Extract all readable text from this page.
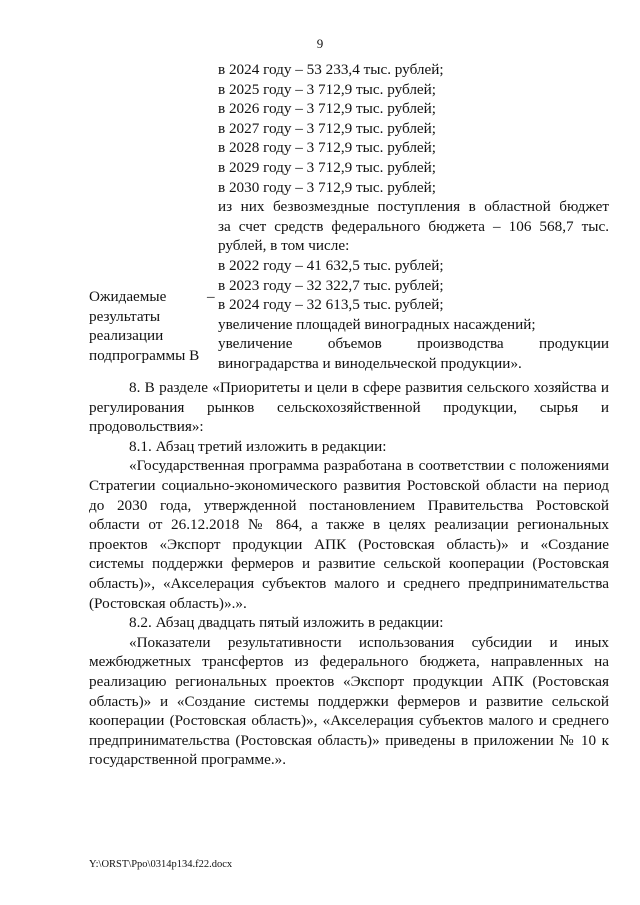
9
в 2024 году – 53 233,4 тыс. рублей;
в 2025 году – 3 712,9 тыс. рублей;
в 2026 году – 3 712,9 тыс. рублей;
в 2027 году – 3 712,9 тыс. рублей;
в 2028 году – 3 712,9 тыс. рублей;
в 2029 году – 3 712,9 тыс. рублей;
в 2030 году – 3 712,9 тыс. рублей;
из них безвозмездные поступления в областной бюджет
за счет средств федерального бюджета – 106 568,7 тыс.
рублей, в том числе:
в 2022 году – 41 632,5 тыс. рублей;
в 2023 году – 32 322,7 тыс. рублей;
в 2024 году – 32 613,5 тыс. рублей;
увеличение площадей виноградных насаждений;
увеличение объемов производства продукции
виноградарства и винодельческой продукции».
Ожидаемые
результаты
реализации
подпрограммы В
–

8. В разделе «Приоритеты и цели в сфере развития сельского хозяйства и регулирования рынков сельскохозяйственной продукции, сырья и продовольствия»:

8.1. Абзац третий изложить в редакции:

«Государственная программа разработана в соответствии с положениями Стратегии социально-экономического развития Ростовской области на период до 2030 года, утвержденной постановлением Правительства Ростовской области от 26.12.2018 № 864, а также в целях реализации региональных проектов «Экспорт продукции АПК (Ростовская область)» и «Создание системы поддержки фермеров и развитие сельской кооперации (Ростовская область)», «Акселерация субъектов малого и среднего предпринимательства (Ростовская область)».».

8.2. Абзац двадцать пятый изложить в редакции:

«Показатели результативности использования субсидии и иных межбюджетных трансфертов из федерального бюджета, направленных на реализацию региональных проектов «Экспорт продукции АПК (Ростовская область)» и «Создание системы поддержки фермеров и развитие сельской кооперации (Ростовская область)», «Акселерация субъектов малого и среднего предпринимательства (Ростовская область)» приведены в приложении № 10 к государственной программе.».

Y:\ORST\Ppo\0314p134.f22.docx
